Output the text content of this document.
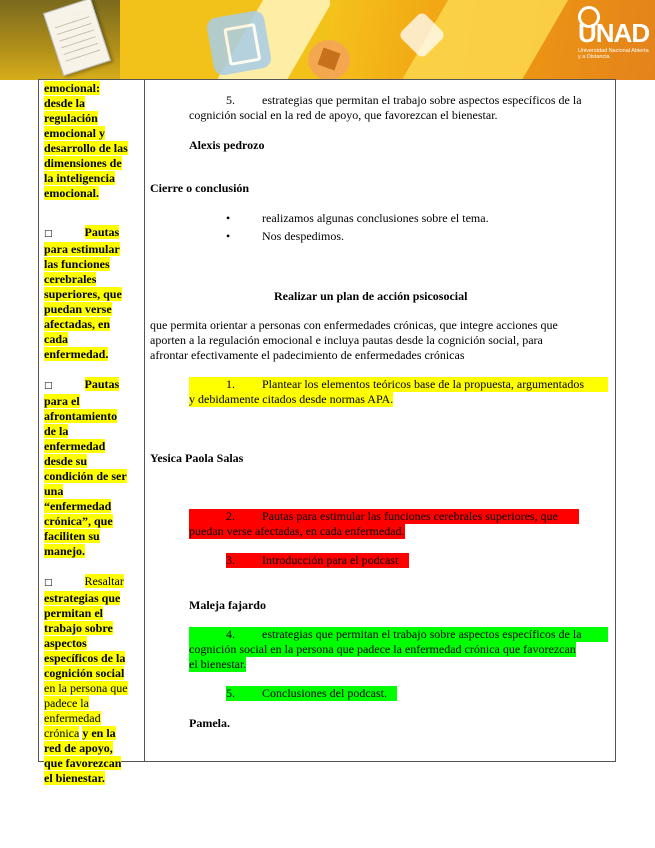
UNAD
Universidad Nacional Abierta y a Distancia

emocional:

desde la

regulación

emocional y

desarrollo de las

dimensiones de

la inteligencia

emocional.

□	Pautas

para estimular

las funciones

cerebrales

superiores, que

puedan verse

afectadas, en

cada

enfermedad.

□	Pautas

para el

afrontamiento

de la

enfermedad

desde su

condición de ser

una

“enfermedad

crónica”, que

faciliten su

manejo.

□	Resaltar

estrategias que

permitan el

trabajo sobre

aspectos

específicos de la

cognición social

en la persona que

padece la

enfermedad

crónica y en la

red de apoyo,

que favorezcan

el bienestar.

5. estrategias que permitan el trabajo sobre aspectos específicos de la
cognición social en la red de apoyo, que favorezcan el bienestar.
Alexis pedrozo
Cierre o conclusión
•	realizamos algunas conclusiones sobre el tema.
•	Nos despedimos.
Realizar un plan de acción psicosocial
que permita orientar a personas con enfermedades crónicas, que integre acciones que
aporten a la regulación emocional e incluya pautas desde la cognición social, para
afrontar efectivamente el padecimiento de enfermedades crónicas
1. Plantear los elementos teóricos base de la propuesta, argumentados
y debidamente citados desde normas APA.
Yesica Paola Salas
2. Pautas para estimular las funciones cerebrales superiores, que
puedan verse afectadas, en cada enfermedad.
3. Introducción para el podcast
Maleja fajardo
4. estrategias que permitan el trabajo sobre aspectos específicos de la
cognición social en la persona que padece la enfermedad crónica que favorezcan
el bienestar.
5. Conclusiones del podcast.
Pamela.
